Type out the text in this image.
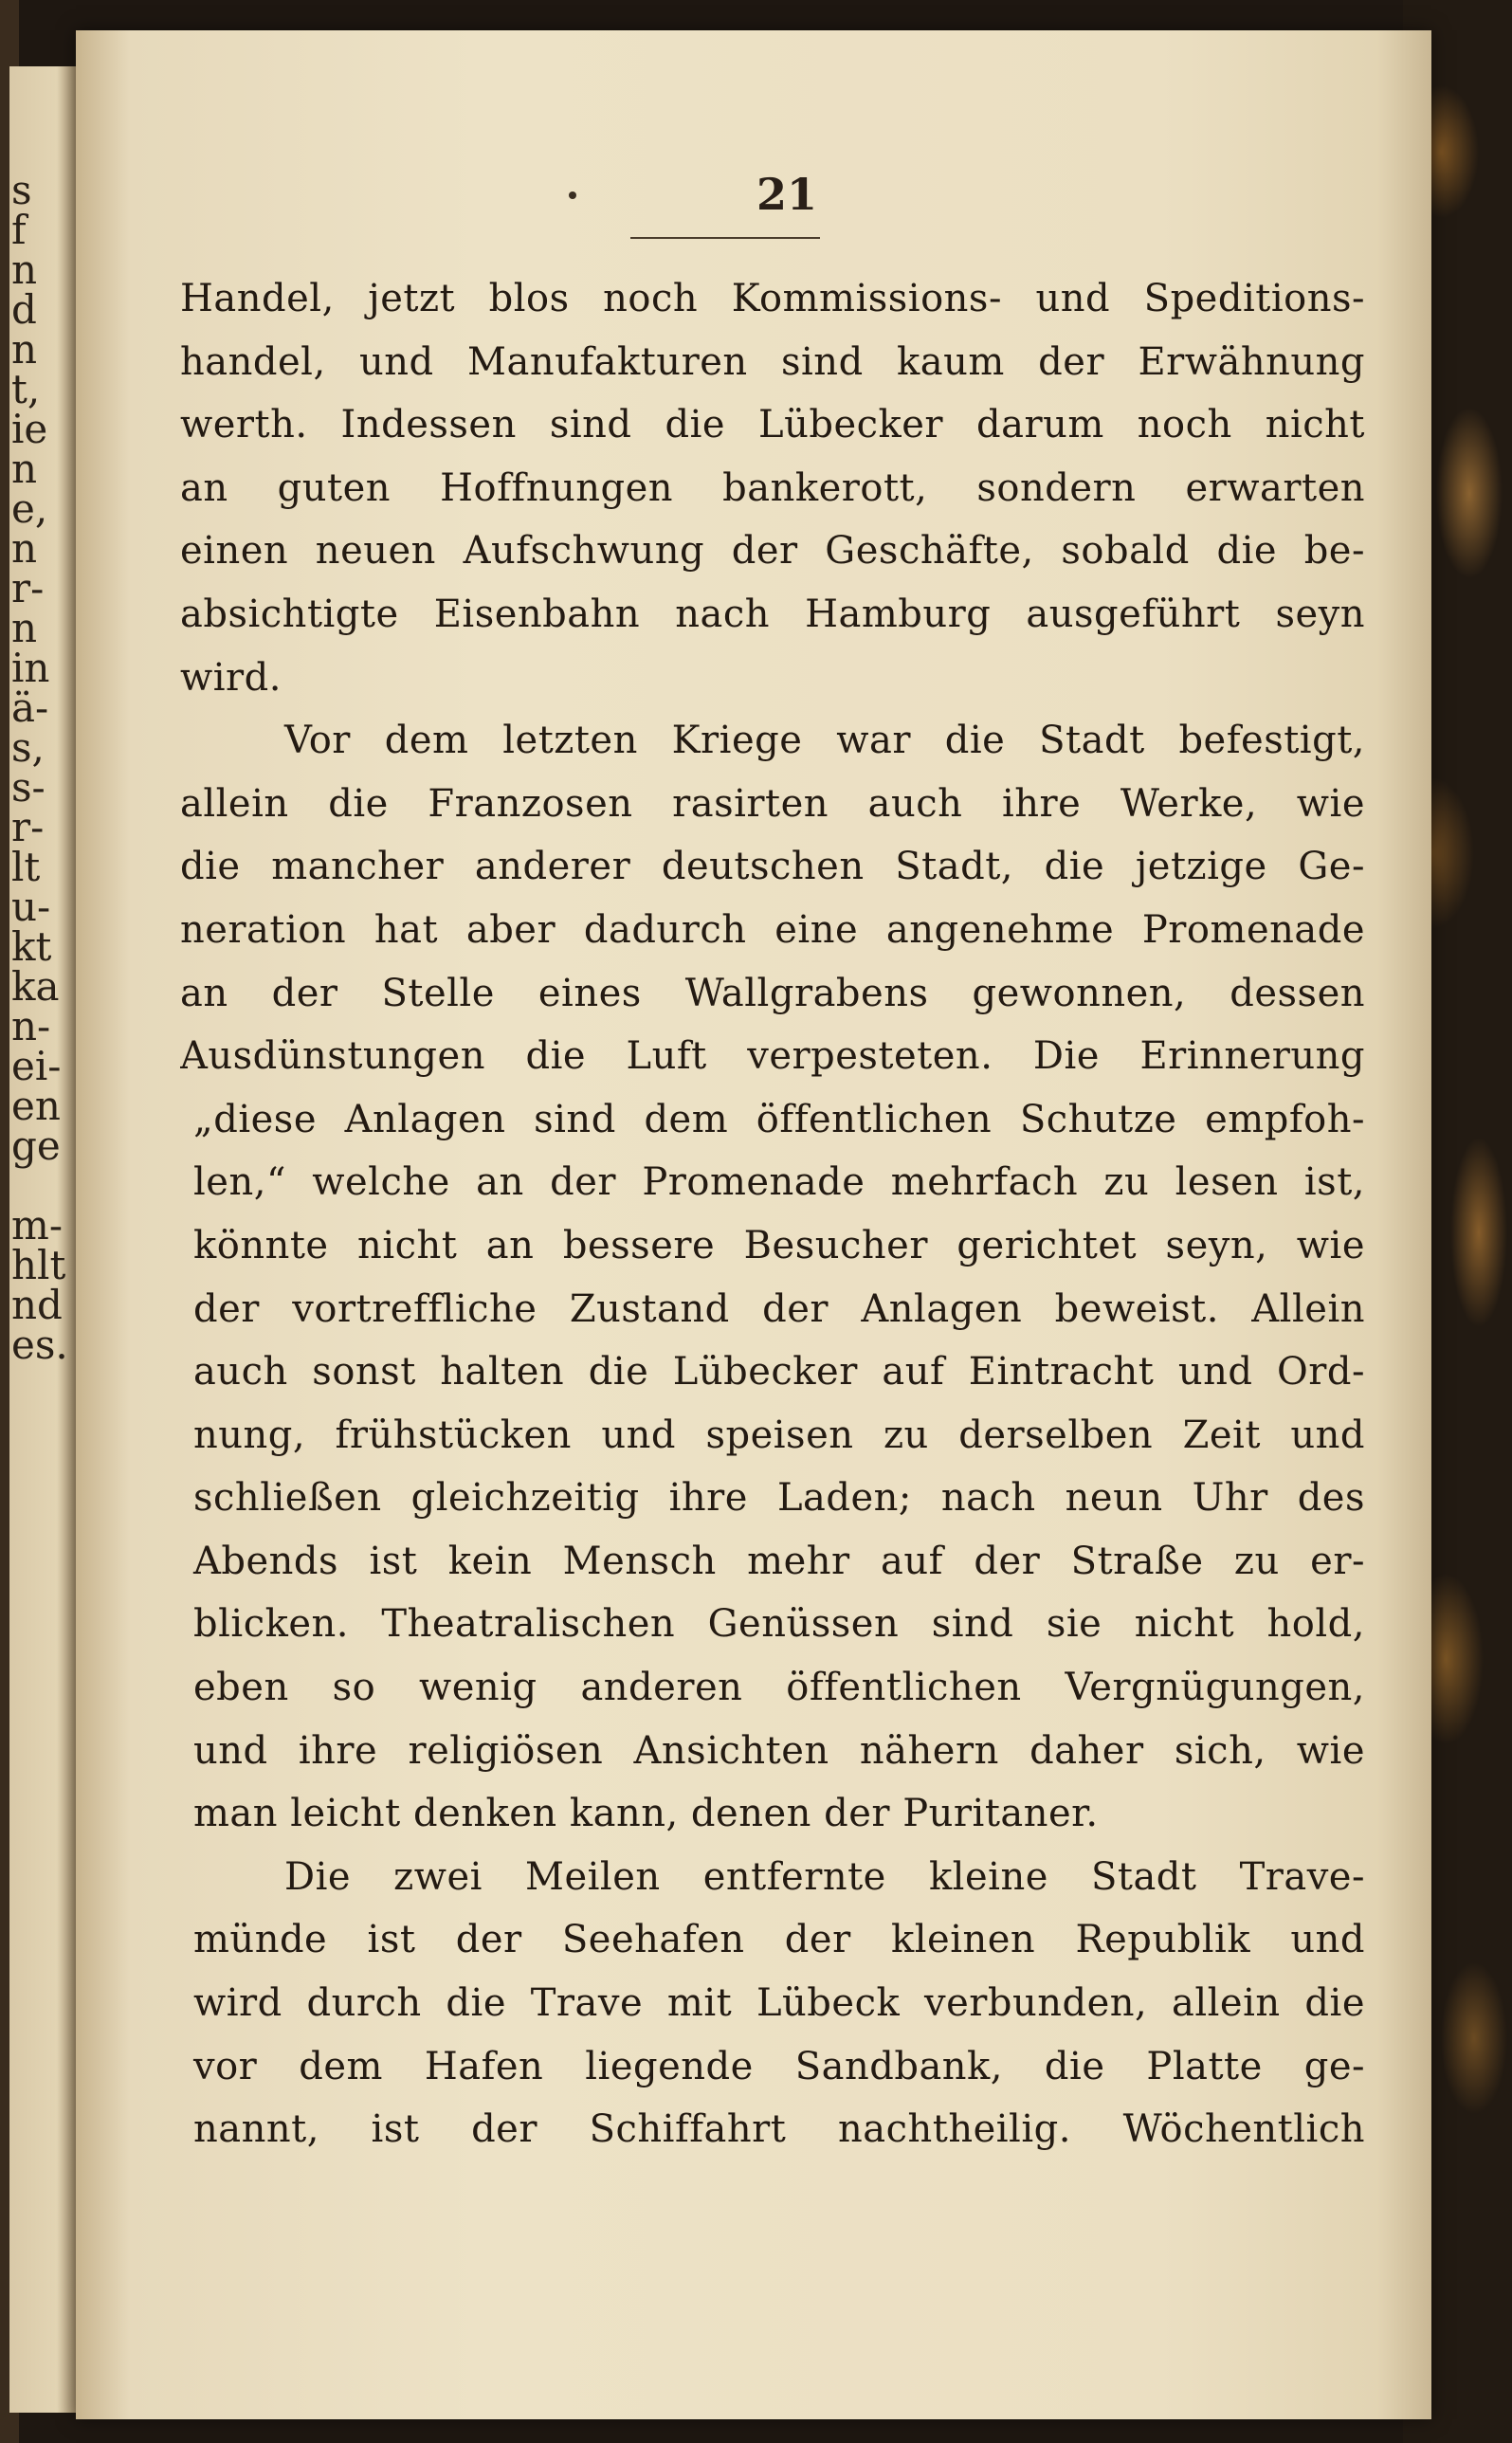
s
f
n
d
n
t,
ie
n
e,
n
r-
n
in
ä-
s,
s-
r-
lt
u-
kt
ka
n-
ei-
en
ge
m-
hlt
nd
es.
21
Handel, jetzt blos noch Kommissions- und Speditions-
handel, und Manufakturen sind kaum der Erwähnung
werth. Indessen sind die Lübecker darum noch nicht
an guten Hoffnungen bankerott, sondern erwarten
einen neuen Aufschwung der Geschäfte, sobald die be-
absichtigte Eisenbahn nach Hamburg ausgeführt seyn
wird.
Vor dem letzten Kriege war die Stadt befestigt,
allein die Franzosen rasirten auch ihre Werke, wie
die mancher anderer deutschen Stadt, die jetzige Ge-
neration hat aber dadurch eine angenehme Promenade
an der Stelle eines Wallgrabens gewonnen, dessen
Ausdünstungen die Luft verpesteten. Die Erinnerung
„diese Anlagen sind dem öffentlichen Schutze empfoh-
len,“ welche an der Promenade mehrfach zu lesen ist,
könnte nicht an bessere Besucher gerichtet seyn, wie
der vortreffliche Zustand der Anlagen beweist. Allein
auch sonst halten die Lübecker auf Eintracht und Ord-
nung, frühstücken und speisen zu derselben Zeit und
schließen gleichzeitig ihre Laden; nach neun Uhr des
Abends ist kein Mensch mehr auf der Straße zu er-
blicken. Theatralischen Genüssen sind sie nicht hold,
eben so wenig anderen öffentlichen Vergnügungen,
und ihre religiösen Ansichten nähern daher sich, wie
man leicht denken kann, denen der Puritaner.
Die zwei Meilen entfernte kleine Stadt Trave-
münde ist der Seehafen der kleinen Republik und
wird durch die Trave mit Lübeck verbunden, allein die
vor dem Hafen liegende Sandbank, die Platte ge-
nannt, ist der Schiffahrt nachtheilig. Wöchentlich
